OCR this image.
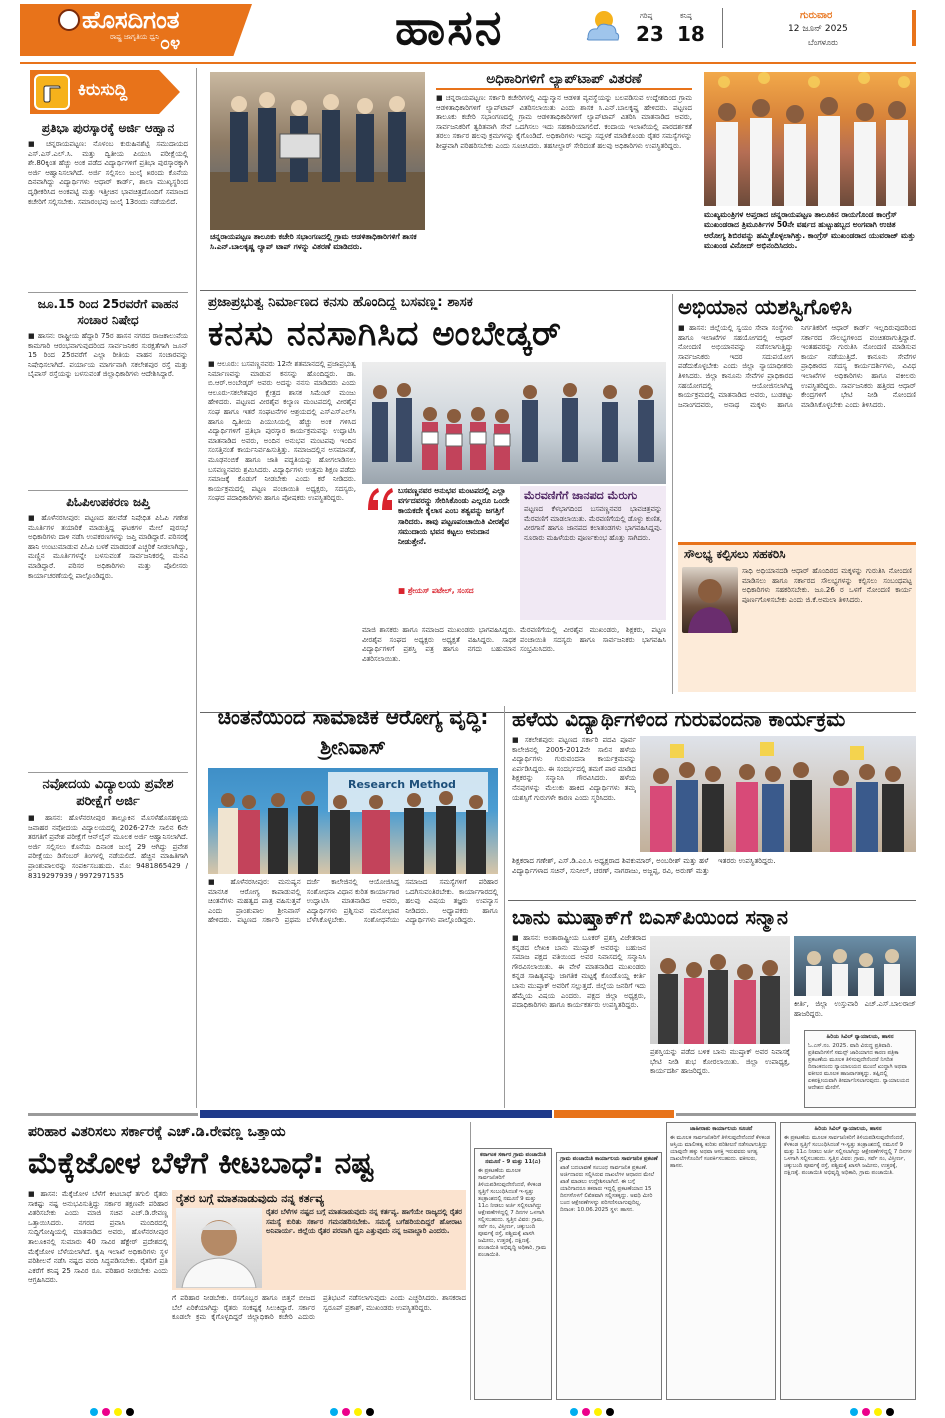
ಹೊಸದಿಗಂತ
ರಾಷ್ಟ್ರ ಜಾಗೃತಿಯ ಧ್ವನಿ ೦೪	ಹಾಸನ	ಗರಿಷ್ಠ
23
ಕನಿಷ್ಠ
18
ಗುರುವಾರ
12 ಜೂನ್ 2025
ಬೆಂಗಳೂರು
ಕಿರುಸುದ್ದಿ
ಪ್ರತಿಭಾ ಪುರಸ್ಕಾರಕ್ಕೆ ಅರ್ಜಿ ಆಹ್ವಾನ
■ ಚನ್ನರಾಯಪಟ್ಟಣ: ನೊಳಂಬ ಕುರುಹಿನಶೆಟ್ಟಿ ಸಮುದಾಯದ ಎಸ್.ಎಸ್.ಎಲ್.ಸಿ. ಮತ್ತು ದ್ವಿತೀಯ ಪಿಯುಸಿ ಪರೀಕ್ಷೆಯಲ್ಲಿ ಶೇ.80ಕ್ಕಿಂತ ಹೆಚ್ಚು ಅಂಕ ಪಡೆದ ವಿದ್ಯಾರ್ಥಿಗಳಿಗೆ ಪ್ರತಿಭಾ ಪುರಸ್ಕಾರಕ್ಕಾಗಿ ಅರ್ಜಿ ಆಹ್ವಾನಿಸಲಾಗಿದೆ. ಅರ್ಜಿ ಸಲ್ಲಿಸಲು ಜುಲೈ ೫ರಂದು ಕೊನೆಯ ದಿನವಾಗಿದ್ದು ವಿದ್ಯಾರ್ಥಿಗಳು ಆಧಾರ್ ಕಾರ್ಡ್, ಶಾಲಾ ಮುಖ್ಯಸ್ಥರಿಂದ ದೃಢೀಕರಿಸಿದ ಅಂಕಪಟ್ಟಿ ಮತ್ತು ಇತ್ತೀಚಿನ ಭಾವಚಿತ್ರದೊಂದಿಗೆ ಸಮಾಜದ ಕಚೇರಿಗೆ ಸಲ್ಲಿಸಬೇಕು. ಸಮಾರಂಭವು ಜುಲೈ 13ರಂದು ನಡೆಯಲಿದೆ.
ಜೂ.15 ರಿಂದ 25ರವರೆಗೆ ವಾಹನ ಸಂಚಾರ ನಿಷೇಧ
■ ಹಾಸನ: ರಾಷ್ಟ್ರೀಯ ಹೆದ್ದಾರಿ 75ರ ಹಾಸನ ನಗರದ ರಾಜಕಾಲುವೆಯ ಕಾಮಗಾರಿ ಆರಂಭವಾಗುವುದರಿಂದ ಸಾರ್ವಜನಿಕರ ಸುರಕ್ಷತೆಗಾಗಿ ಜೂನ್ 15 ರಿಂದ 25ರವರೆಗೆ ಎಲ್ಲಾ ರೀತಿಯ ವಾಹನ ಸಂಚಾರವನ್ನು ನಿಷೇಧಿಸಲಾಗಿದೆ. ಪರ್ಯಾಯ ಮಾರ್ಗವಾಗಿ ಸಕಲೇಶಪುರ ರಸ್ತೆ ಮತ್ತು ಬೈಪಾಸ್ ರಸ್ತೆಯನ್ನು ಬಳಸುವಂತೆ ಜಿಲ್ಲಾಧಿಕಾರಿಗಳು ಆದೇಶಿಸಿದ್ದಾರೆ.
ಪಿಓಪಿಉಪಕರಣ ಜಪ್ತಿ
■ ಹೊಳೆನರಸೀಪುರ: ಪಟ್ಟಣದ ಹಲವೆಡೆ ನಿಷೇಧಿತ ಪಿಓಪಿ ಗಣೇಶ ಮೂರ್ತಿಗಳ ತಯಾರಿಕೆ ಮಾಡುತ್ತಿದ್ದ ಘಟಕಗಳ ಮೇಲೆ ಪುರಸಭೆ ಅಧಿಕಾರಿಗಳು ದಾಳಿ ನಡೆಸಿ ಉಪಕರಣಗಳನ್ನು ಜಪ್ತಿ ಮಾಡಿದ್ದಾರೆ. ಪರಿಸರಕ್ಕೆ ಹಾನಿ ಉಂಟುಮಾಡುವ ಪಿಓಪಿ ಬಳಕೆ ಮಾಡದಂತೆ ಎಚ್ಚರಿಕೆ ನೀಡಲಾಗಿದ್ದು, ಮಣ್ಣಿನ ಮೂರ್ತಿಗಳನ್ನೇ ಬಳಸುವಂತೆ ಸಾರ್ವಜನಿಕರಲ್ಲಿ ಮನವಿ ಮಾಡಿದ್ದಾರೆ. ಪರಿಸರ ಅಧಿಕಾರಿಗಳು ಮತ್ತು ಪೊಲೀಸರು ಕಾರ್ಯಾಚರಣೆಯಲ್ಲಿ ಪಾಲ್ಗೊಂಡಿದ್ದರು.
ನವೋದಯ ವಿದ್ಯಾಲಯ ಪ್ರವೇಶ ಪರೀಕ್ಷೆಗೆ ಅರ್ಜಿ
■ ಹಾಸನ: ಹೊಳೆನರಸೀಪುರ ತಾಲ್ಲೂಕಿನ ಮೊಸಳೆಹೊಸಹಳ್ಳಿಯ ಜವಾಹರ ನವೋದಯ ವಿದ್ಯಾಲಯದಲ್ಲಿ 2026-27ನೇ ಸಾಲಿನ 6ನೇ ತರಗತಿಗೆ ಪ್ರವೇಶ ಪರೀಕ್ಷೆಗೆ ಆನ್‌ಲೈನ್ ಮೂಲಕ ಅರ್ಜಿ ಆಹ್ವಾನಿಸಲಾಗಿದೆ. ಅರ್ಜಿ ಸಲ್ಲಿಸಲು ಕೊನೆಯ ದಿನಾಂಕ ಜುಲೈ 29 ಆಗಿದ್ದು ಪ್ರವೇಶ ಪರೀಕ್ಷೆಯು ಡಿಸೆಂಬರ್ ತಿಂಗಳಲ್ಲಿ ನಡೆಯಲಿದೆ. ಹೆಚ್ಚಿನ ಮಾಹಿತಿಗಾಗಿ ಪ್ರಾಂಶುಪಾಲರನ್ನು ಸಂಪರ್ಕಿಸಬಹುದು. ಮೊ: 9481865429 / 8319297939 / 9972971535
ಚನ್ನರಾಯಪಟ್ಟಣ ತಾಲೂಕು ಕಚೇರಿ ಸಭಾಂಗಣದಲ್ಲಿ ಗ್ರಾಮ ಆಡಳಿತಾಧಿಕಾರಿಗಳಿಗೆ ಶಾಸಕ ಸಿ.ಎನ್.ಬಾಲಕೃಷ್ಣ ಲ್ಯಾಪ್ ಟಾಪ್ ಗಳನ್ನು ವಿತರಣೆ ಮಾಡಿದರು.
ಅಧಿಕಾರಿಗಳಿಗೆ ಲ್ಯಾಪ್‌ಟಾಪ್ ವಿತರಣೆ
■ ಚನ್ನರಾಯಪಟ್ಟಣ: ಸರ್ಕಾರಿ ಕಚೇರಿಗಳಲ್ಲಿ ವಿದ್ಯುನ್ಮಾನ ಆಡಳಿತ ವ್ಯವಸ್ಥೆಯನ್ನು ಬಲಪಡಿಸುವ ಉದ್ದೇಶದಿಂದ ಗ್ರಾಮ ಆಡಳಿತಾಧಿಕಾರಿಗಳಿಗೆ ಲ್ಯಾಪ್‌ಟಾಪ್ ವಿತರಿಸಲಾಯಿತು ಎಂದು ಶಾಸಕ ಸಿ.ಎನ್.ಬಾಲಕೃಷ್ಣ ಹೇಳಿದರು. ಪಟ್ಟಣದ ತಾಲೂಕು ಕಚೇರಿ ಸಭಾಂಗಣದಲ್ಲಿ ಗ್ರಾಮ ಆಡಳಿತಾಧಿಕಾರಿಗಳಿಗೆ ಲ್ಯಾಪ್‌ಟಾಪ್ ವಿತರಿಸಿ ಮಾತನಾಡಿದ ಅವರು, ಸಾರ್ವಜನಿಕರಿಗೆ ತ್ವರಿತವಾಗಿ ಸೇವೆ ಒದಗಿಸಲು ಇದು ಸಹಕಾರಿಯಾಗಲಿದೆ. ಕಂದಾಯ ಇಲಾಖೆಯಲ್ಲಿ ಪಾರದರ್ಶಕತೆ ತರಲು ಸರ್ಕಾರ ಹಲವು ಕ್ರಮಗಳನ್ನು ಕೈಗೊಂಡಿದೆ. ಅಧಿಕಾರಿಗಳು ಇದನ್ನು ಸದ್ಬಳಕೆ ಮಾಡಿಕೊಂಡು ರೈತರ ಸಮಸ್ಯೆಗಳನ್ನು ಶೀಘ್ರವಾಗಿ ಪರಿಹರಿಸಬೇಕು ಎಂದು ಸೂಚಿಸಿದರು. ತಹಸೀಲ್ದಾರ್ ಸೇರಿದಂತೆ ಹಲವು ಅಧಿಕಾರಿಗಳು ಉಪಸ್ಥಿತರಿದ್ದರು.
ಮುಖ್ಯಮಂತ್ರಿಗಳ ಅಪ್ತರಾದ ಚನ್ನರಾಯಪಟ್ಟಣ ತಾಲೂಕಿನ ರಾಯಗೊಂಡ ಕಾಂಗ್ರೆಸ್ ಮುಖಂಡರಾದ ತ್ರಿಮೂರ್ತಿಗಳ 50ನೇ ವರ್ಷದ ಹುಟ್ಟುಹಬ್ಬದ ಅಂಗವಾಗಿ ಉಚಿತ ಆರೋಗ್ಯ ಶಿಬಿರವನ್ನು ಹಮ್ಮಿಕೊಳ್ಳಲಾಗಿತ್ತು. ಕಾಂಗ್ರೆಸ್ ಮುಖಂಡರಾದ ಯುವರಾಜ್ ಮತ್ತು ಮುಖಂಡ ವಿನೋದ್ ಅಭಿನಂದಿಸಿದರು.
ಪ್ರಜಾಪ್ರಭುತ್ವ ನಿರ್ಮಾಣದ ಕನಸು ಹೊಂದಿದ್ದ ಬಸವಣ್ಣ: ಶಾಸಕ
ಕನಸು ನನಸಾಗಿಸಿದ ಅಂಬೇಡ್ಕರ್
■ ಆಲೂರು: ಬಸವಣ್ಣನವರು 12ನೇ ಶತಮಾನದಲ್ಲಿ ಪ್ರಜಾಪ್ರಭುತ್ವ ನಿರ್ಮಾಣವನ್ನು ಮಾಡುವ ಕನಸನ್ನು ಹೊಂದಿದ್ದರು. ಡಾ. ಬಿ.ಆರ್.ಅಂಬೇಡ್ಕರ್ ಅವರು ಅದನ್ನು ನನಸು ಮಾಡಿದರು ಎಂದು ಆಲೂರು-ಸಕಲೇಶಪುರ ಕ್ಷೇತ್ರದ ಶಾಸಕ ಸಿಮೆಂಟ್ ಮಂಜು ಹೇಳಿದರು. ಪಟ್ಟಣದ ವೀರಶೈವ ಕಲ್ಯಾಣ ಮಂಟಪದಲ್ಲಿ ವೀರಶೈವ ಸಂಘ ಹಾಗೂ ಇತರೆ ಸಂಘಟನೆಗಳ ಆಶ್ರಯದಲ್ಲಿ ಎಸ್‌ಎಸ್‌ಎಲ್‌ಸಿ ಹಾಗೂ ದ್ವಿತೀಯ ಪಿಯುಸಿಯಲ್ಲಿ ಹೆಚ್ಚು ಅಂಕ ಗಳಿಸಿದ ವಿದ್ಯಾರ್ಥಿಗಳಿಗೆ ಪ್ರತಿಭಾ ಪುರಸ್ಕಾರ ಕಾರ್ಯಕ್ರಮವನ್ನು ಉದ್ಘಾಟಿಸಿ ಮಾತನಾಡಿದ ಅವರು, ಅಂದಿನ ಅನುಭವ ಮಂಟಪವು ಇಂದಿನ ಸಂಸತ್ತಿನಂತೆ ಕಾರ್ಯನಿರ್ವಹಿಸುತ್ತಿತ್ತು. ಸಮಾಜದಲ್ಲಿನ ಅಸಮಾನತೆ, ಮೂಢನಂಬಿಕೆ ಹಾಗೂ ಜಾತಿ ಪದ್ಧತಿಯನ್ನು ಹೋಗಲಾಡಿಸಲು ಬಸವಣ್ಣನವರು ಶ್ರಮಿಸಿದರು. ವಿದ್ಯಾರ್ಥಿಗಳು ಉತ್ತಮ ಶಿಕ್ಷಣ ಪಡೆದು ಸಮಾಜಕ್ಕೆ ಕೊಡುಗೆ ನೀಡಬೇಕು ಎಂದು ಕರೆ ನೀಡಿದರು. ಕಾರ್ಯಕ್ರಮದಲ್ಲಿ ಪಟ್ಟಣ ಪಂಚಾಯಿತಿ ಅಧ್ಯಕ್ಷರು, ಸದಸ್ಯರು, ಸಂಘದ ಪದಾಧಿಕಾರಿಗಳು ಹಾಗೂ ಪೋಷಕರು ಉಪಸ್ಥಿತರಿದ್ದರು.
ಬಸವಣ್ಣನವರ ಅನುಭವ ಮಂಟಪದಲ್ಲಿ ಎಲ್ಲಾ ವರ್ಗದವರನ್ನು ಸೇರಿಸಿಕೊಂಡು ಎಲ್ಲರೂ ಒಂದೇ ಕಾಯಕದೇ ಕೈಲಾಸ ಎಂಬ ತತ್ವವನ್ನು ಜಗತ್ತಿಗೆ ಸಾರಿದರು. ತಾವು ಪಟ್ಟಣಪಂಚಾಯಿತಿ ವೀರಶೈವ ಸಮುದಾಯ ಭವನ ಕಟ್ಟಲು ಅನುದಾನ ನೀಡುತ್ತೇನೆ.
■ ಶ್ರೇಯಸ್ ಪಟೇಲ್, ಸಂಸದ
ಮೆರವಣಿಗೆಗೆ ಜಾನಪದ ಮೆರುಗು
ಪಟ್ಟಣದ ಕೆಳಭಾಗದಿಂದ ಬಸವಣ್ಣನವರ ಭಾವಚಿತ್ರವನ್ನು ಮೆರವಣಿಗೆ ಮಾಡಲಾಯಿತು. ಮೆರವಣಿಗೆಯಲ್ಲಿ ಡೊಳ್ಳು ಕುಣಿತ, ವೀರಗಾಸೆ ಹಾಗೂ ಜಾನಪದ ಕಲಾತಂಡಗಳು ಭಾಗವಹಿಸಿದ್ದವು. ನೂರಾರು ಮಹಿಳೆಯರು ಪೂರ್ಣಕುಂಭ ಹೊತ್ತು ಸಾಗಿದರು.
ಮಾಜಿ ಶಾಸಕರು ಹಾಗೂ ಸಮಾಜದ ಮುಖಂಡರು ಭಾಗವಹಿಸಿದ್ದರು. ವೀರಶೈವ ಸಂಘದ ಅಧ್ಯಕ್ಷರು ಅಧ್ಯಕ್ಷತೆ ವಹಿಸಿದ್ದರು. ಸಾಧಕ ವಿದ್ಯಾರ್ಥಿಗಳಿಗೆ ಪ್ರಶಸ್ತಿ ಪತ್ರ ಹಾಗೂ ನಗದು ಬಹುಮಾನ ವಿತರಿಸಲಾಯಿತು.
ಮೆರವಣಿಗೆಯಲ್ಲಿ ವೀರಶೈವ ಮುಖಂಡರು, ಶಿಕ್ಷಕರು, ಪಟ್ಟಣ ಪಂಚಾಯಿತಿ ಸದಸ್ಯರು ಹಾಗೂ ಸಾರ್ವಜನಿಕರು ಭಾಗವಹಿಸಿ ಸಂಭ್ರಮಿಸಿದರು.
ಅಭಿಯಾನ ಯಶಸ್ವಿಗೊಳಿಸಿ
■ ಹಾಸನ: ಜಿಲ್ಲೆಯಲ್ಲಿ ಸ್ವಯಂ ಸೇವಾ ಸಂಸ್ಥೆಗಳು ಹಾಗೂ ಇಲಾಖೆಗಳ ಸಹಯೋಗದಲ್ಲಿ ಆಧಾರ್ ನೋಂದಣಿ ಅಭಿಯಾನವನ್ನು ನಡೆಸಲಾಗುತ್ತಿದ್ದು ಸಾರ್ವಜನಿಕರು ಇದರ ಸದುಪಯೋಗ ಪಡೆದುಕೊಳ್ಳಬೇಕು ಎಂದು ಜಿಲ್ಲಾ ನ್ಯಾಯಾಧೀಶರು ತಿಳಿಸಿದರು. ಜಿಲ್ಲಾ ಕಾನೂನು ಸೇವೆಗಳ ಪ್ರಾಧಿಕಾರದ ಸಹಯೋಗದಲ್ಲಿ ಆಯೋಜಿಸಲಾಗಿದ್ದ ಕಾರ್ಯಕ್ರಮದಲ್ಲಿ ಮಾತನಾಡಿದ ಅವರು, ಬುಡಕಟ್ಟು ಜನಾಂಗದವರು, ಅನಾಥ ಮಕ್ಕಳು ಹಾಗೂ ನಿರ್ಗತಿಕರಿಗೆ ಆಧಾರ್ ಕಾರ್ಡ್ ಇಲ್ಲದಿರುವುದರಿಂದ ಸರ್ಕಾರದ ಸೌಲಭ್ಯಗಳಿಂದ ವಂಚಿತರಾಗುತ್ತಿದ್ದಾರೆ. ಇಂತಹವರನ್ನು ಗುರುತಿಸಿ ನೋಂದಣಿ ಮಾಡಿಸುವ ಕಾರ್ಯ ನಡೆಯುತ್ತಿದೆ. ಕಾನೂನು ಸೇವೆಗಳ ಪ್ರಾಧಿಕಾರದ ಸದಸ್ಯ ಕಾರ್ಯದರ್ಶಿಗಳು, ವಿವಿಧ ಇಲಾಖೆಗಳ ಅಧಿಕಾರಿಗಳು ಹಾಗೂ ವಕೀಲರು ಉಪಸ್ಥಿತರಿದ್ದರು. ಸಾರ್ವಜನಿಕರು ಹತ್ತಿರದ ಆಧಾರ್ ಕೇಂದ್ರಗಳಿಗೆ ಭೇಟಿ ನೀಡಿ ನೋಂದಣಿ ಮಾಡಿಸಿಕೊಳ್ಳಬೇಕು ಎಂದು ತಿಳಿಸಿದರು.
ಸೌಲಭ್ಯ ಕಲ್ಪಿಸಲು ಸಹಕರಿಸಿ
ಸಾಧಿ ಅಧಿಯಾನದಡಿ ಆಧಾರ್ ಹೊಂದಿರದ ಮಕ್ಕಳನ್ನು ಗುರುತಿಸಿ ನೋಂದಣಿ ಮಾಡಿಸಲು ಹಾಗೂ ಸರ್ಕಾರದ ಸೌಲಭ್ಯಗಳನ್ನು ಕಲ್ಪಿಸಲು ಸಂಬಂಧಪಟ್ಟ ಅಧಿಕಾರಿಗಳು ಸಹಕರಿಸಬೇಕು. ಜೂ.26 ರ ಒಳಗೆ ನೋಂದಣಿ ಕಾರ್ಯ ಪೂರ್ಣಗೊಳಿಸಬೇಕು ಎಂದು ಜಿ.ಕೆ.ಅಮಲಾ ತಿಳಿಸಿದರು.
ಚಿಂತನೆಯಿಂದ ಸಾಮಾಜಿಕ ಆರೋಗ್ಯ ವೃದ್ಧಿ: ಶ್ರೀನಿವಾಸ್
Research Method
■ ಹೊಳೆನರಸೀಪುರ: ಮನುಷ್ಯನ ಮಾನಸಿಕ ಆರೋಗ್ಯ ಕಾಪಾಡುವಲ್ಲಿ ಚಿಂತನೆಗಳು ಮಹತ್ವದ ಪಾತ್ರ ವಹಿಸುತ್ತವೆ ಎಂದು ಪ್ರಾಂಶುಪಾಲ ಶ್ರೀನಿವಾಸ್ ಹೇಳಿದರು. ಪಟ್ಟಣದ ಸರ್ಕಾರಿ ಪ್ರಥಮ ದರ್ಜೆ ಕಾಲೇಜಿನಲ್ಲಿ ಆಯೋಜಿಸಿದ್ದ ಸಂಶೋಧನಾ ವಿಧಾನ ಕುರಿತ ಕಾರ್ಯಾಗಾರ ಉದ್ಘಾಟಿಸಿ ಮಾತನಾಡಿದ ಅವರು, ವಿದ್ಯಾರ್ಥಿಗಳು ಪ್ರಶ್ನಿಸುವ ಮನೋಭಾವ ಬೆಳೆಸಿಕೊಳ್ಳಬೇಕು. ಸಂಶೋಧನೆಯು ಸಮಾಜದ ಸಮಸ್ಯೆಗಳಿಗೆ ಪರಿಹಾರ ಒದಗಿಸುವಂತಿರಬೇಕು. ಕಾರ್ಯಾಗಾರದಲ್ಲಿ ಹಲವು ವಿಷಯ ತಜ್ಞರು ಉಪನ್ಯಾಸ ನೀಡಿದರು. ಅಧ್ಯಾಪಕರು ಹಾಗೂ ವಿದ್ಯಾರ್ಥಿಗಳು ಪಾಲ್ಗೊಂಡಿದ್ದರು.
ಹಳೆಯ ವಿದ್ಯಾರ್ಥಿಗಳಿಂದ ಗುರುವಂದನಾ ಕಾರ್ಯಕ್ರಮ
■ ಸಕಲೇಶಪುರ: ಪಟ್ಟಣದ ಸರ್ಕಾರಿ ಪದವಿ ಪೂರ್ವ ಕಾಲೇಜಿನಲ್ಲಿ 2005-2012ನೇ ಸಾಲಿನ ಹಳೆಯ ವಿದ್ಯಾರ್ಥಿಗಳು ಗುರುವಂದನಾ ಕಾರ್ಯಕ್ರಮವನ್ನು ಏರ್ಪಡಿಸಿದ್ದರು. ಈ ಸಂದರ್ಭದಲ್ಲಿ ತಮಗೆ ಪಾಠ ಮಾಡಿದ ಶಿಕ್ಷಕರನ್ನು ಸನ್ಮಾನಿಸಿ ಗೌರವಿಸಿದರು. ಹಳೆಯ ನೆನಪುಗಳನ್ನು ಮೆಲುಕು ಹಾಕಿದ ವಿದ್ಯಾರ್ಥಿಗಳು ತಮ್ಮ ಯಶಸ್ಸಿಗೆ ಗುರುಗಳೇ ಕಾರಣ ಎಂದು ಸ್ಮರಿಸಿದರು.
ಶಿಕ್ಷಕರಾದ ಗಣೇಶ್, ಎಸ್.ಡಿ.ಎಂ.ಸಿ ಅಧ್ಯಕ್ಷರಾದ ಶಿವಕುಮಾರ್, ಅಂಬರೀಶ್ ಮತ್ತು ಹಳೆ ವಿದ್ಯಾರ್ಥಿಗಳಾದ ಸಚಿನ್, ಸುನೀಲ್, ಚರಣ್, ನಾಗರಾಜು, ಅಜ್ಜಪ್ಪ, ರವಿ, ಅರುಣ್ ಮತ್ತು ಇತರರು ಉಪಸ್ಥಿತರಿದ್ದರು.
ಬಾನು ಮುಷ್ತಾಕ್‌ಗೆ ಬಿಎಸ್‌ಪಿಯಿಂದ ಸನ್ಮಾನ
■ ಹಾಸನ: ಅಂತಾರಾಷ್ಟ್ರೀಯ ಬೂಕರ್ ಪ್ರಶಸ್ತಿ ವಿಜೇತರಾದ ಕನ್ನಡದ ಲೇಖಕಿ ಬಾನು ಮುಷ್ತಾಕ್ ಅವರನ್ನು ಬಹುಜನ ಸಮಾಜ ಪಕ್ಷದ ವತಿಯಿಂದ ಅವರ ನಿವಾಸದಲ್ಲಿ ಸನ್ಮಾನಿಸಿ ಗೌರವಿಸಲಾಯಿತು. ಈ ವೇಳೆ ಮಾತನಾಡಿದ ಮುಖಂಡರು ಕನ್ನಡ ಸಾಹಿತ್ಯವನ್ನು ಜಾಗತಿಕ ಮಟ್ಟಕ್ಕೆ ಕೊಂಡೊಯ್ದ ಕೀರ್ತಿ ಬಾನು ಮುಷ್ತಾಕ್ ಅವರಿಗೆ ಸಲ್ಲುತ್ತದೆ. ಜಿಲ್ಲೆಯ ಜನರಿಗೆ ಇದು ಹೆಮ್ಮೆಯ ವಿಷಯ ಎಂದರು. ಪಕ್ಷದ ಜಿಲ್ಲಾ ಅಧ್ಯಕ್ಷರು, ಪದಾಧಿಕಾರಿಗಳು ಹಾಗೂ ಕಾರ್ಯಕರ್ತರು ಉಪಸ್ಥಿತರಿದ್ದರು.
ಪ್ರಶಸ್ತಿಯನ್ನು ಪಡೆದ ಬಳಿಕ ಬಾನು ಮುಷ್ತಾಕ್ ಅವರ ನಿವಾಸಕ್ಕೆ ಭೇಟಿ ನೀಡಿ ಶುಭ ಕೋರಲಾಯಿತು. ಜಿಲ್ಲಾ ಉಪಾಧ್ಯಕ್ಷ, ಕಾರ್ಯದರ್ಶಿ ಹಾಜರಿದ್ದರು.
ಕೀರ್ತಿ, ಜಿಲ್ಲಾ ಉಸ್ತುವಾರಿ ಎಚ್.ಎಸ್.ಬಾಲರಾಜ್ ಹಾಜರಿದ್ದರು.
ಹಿರಿಯ ಸಿವಿಲ್ ನ್ಯಾಯಾಲಯ, ಹಾಸನ
ಓ.ಎಸ್.ನಂ. 2025. ವಾದಿ ವಿರುದ್ಧ ಪ್ರತಿವಾದಿ. ಪ್ರತಿವಾದಿಗಳಿಗೆ ಸಮನ್ಸ್ ಜಾರಿಯಾಗದ ಕಾರಣ ಪತ್ರಿಕಾ ಪ್ರಕಟಣೆಯ ಮೂಲಕ ತಿಳಿಸುವುದೇನೆಂದರೆ ನಿಗದಿತ ದಿನಾಂಕದಂದು ನ್ಯಾಯಾಲಯದ ಮುಂದೆ ಖುದ್ದಾಗಿ ಅಥವಾ ವಕೀಲರ ಮೂಲಕ ಹಾಜರಾಗತಕ್ಕದ್ದು. ತಪ್ಪಿದಲ್ಲಿ ಏಕಪಕ್ಷೀಯವಾಗಿ ತೀರ್ಮಾನಿಸಲಾಗುವುದು. ನ್ಯಾಯಾಲಯದ ಆದೇಶದ ಮೇರೆಗೆ.
ಪರಿಹಾರ ವಿತರಿಸಲು ಸರ್ಕಾರಕ್ಕೆ ಎಚ್.ಡಿ.ರೇವಣ್ಣ ಒತ್ತಾಯ
ಮೆಕ್ಕೆಜೋಳ ಬೆಳೆಗೆ ಕೀಟಬಾಧೆ: ನಷ್ಟ
■ ಹಾಸನ: ಮೆಕ್ಕೆಜೋಳ ಬೆಳೆಗೆ ಕೀಟಬಾಧೆ ತಗುಲಿ ರೈತರು ಸಾಕಷ್ಟು ನಷ್ಟ ಅನುಭವಿಸುತ್ತಿದ್ದು ಸರ್ಕಾರ ತಕ್ಷಣವೇ ಪರಿಹಾರ ವಿತರಿಸಬೇಕು ಎಂದು ಮಾಜಿ ಸಚಿವ ಎಚ್.ಡಿ.ರೇವಣ್ಣ ಒತ್ತಾಯಿಸಿದರು. ನಗರದ ಪ್ರವಾಸಿ ಮಂದಿರದಲ್ಲಿ ಸುದ್ದಿಗೋಷ್ಠಿಯಲ್ಲಿ ಮಾತನಾಡಿದ ಅವರು, ಹೊಳೆನರಸೀಪುರ ತಾಲೂಕಿನಲ್ಲಿ ಸುಮಾರು 40 ಸಾವಿರ ಹೆಕ್ಟೇರ್ ಪ್ರದೇಶದಲ್ಲಿ ಮೆಕ್ಕೆಜೋಳ ಬೆಳೆಯಲಾಗಿದೆ. ಕೃಷಿ ಇಲಾಖೆ ಅಧಿಕಾರಿಗಳು ಸ್ಥಳ ಪರಿಶೀಲನೆ ನಡೆಸಿ ನಷ್ಟದ ವರದಿ ಸಿದ್ಧಪಡಿಸಬೇಕು. ರೈತರಿಗೆ ಪ್ರತಿ ಎಕರೆಗೆ ಕನಿಷ್ಠ 25 ಸಾವಿರ ರೂ. ಪರಿಹಾರ ನೀಡಬೇಕು ಎಂದು ಆಗ್ರಹಿಸಿದರು.
ರೈತರ ಬಗ್ಗೆ ಮಾತನಾಡುವುದು ನನ್ನ ಕರ್ತವ್ಯ
ರೈತರ ಬೆಳೆಗಳ ನಷ್ಟದ ಬಗ್ಗೆ ಮಾತನಾಡುವುದು ನನ್ನ ಕರ್ತವ್ಯ. ಹಾಗೆಯೇ ರಾಜ್ಯದಲ್ಲಿ ರೈತರ ಸಮಸ್ಯೆ ಕುರಿತು ಸರ್ಕಾರ ಗಮನಹರಿಸಬೇಕು. ಸಮಸ್ಯೆ ಬಗೆಹರಿಯದಿದ್ದರೆ ಹೋರಾಟ ಅನಿವಾರ್ಯ. ಜಿಲ್ಲೆಯ ರೈತರ ಪರವಾಗಿ ಧ್ವನಿ ಎತ್ತುವುದು ನನ್ನ ಜವಾಬ್ದಾರಿ ಎಂದರು.
ಗೆ ಪರಿಹಾರ ನೀಡಬೇಕು. ರಸಗೊಬ್ಬರ ಹಾಗೂ ಬಿತ್ತನೆ ಬೀಜದ ಬೆಲೆ ಏರಿಕೆಯಾಗಿದ್ದು ರೈತರು ಸಂಕಷ್ಟಕ್ಕೆ ಸಿಲುಕಿದ್ದಾರೆ. ಸರ್ಕಾರ ಕೂಡಲೇ ಕ್ರಮ ಕೈಗೊಳ್ಳದಿದ್ದರೆ ಜಿಲ್ಲಾಧಿಕಾರಿ ಕಚೇರಿ ಎದುರು ಪ್ರತಿಭಟನೆ ನಡೆಸಲಾಗುವುದು ಎಂದು ಎಚ್ಚರಿಸಿದರು. ಶಾಸಕರಾದ ಸ್ವರೂಪ್ ಪ್ರಕಾಶ್, ಮುಖಂಡರು ಉಪಸ್ಥಿತರಿದ್ದರು.
ಕರ್ನಾಟಕ ಸರ್ಕಾರ ಗ್ರಾಮ ಪಂಚಾಯಿತಿ ನಮೂನೆ - 9 ಮತ್ತು 11(ಎ)
ಈ ಪ್ರಕಟಣೆಯ ಮೂಲಕ ಸಾರ್ವಜನಿಕರಿಗೆ ತಿಳಿಯಪಡಿಸುವುದೇನೆಂದರೆ, ಕೆಳಕಂಡ ಸ್ವತ್ತಿಗೆ ಸಂಬಂಧಿಸಿದಂತೆ ಇ-ಸ್ವತ್ತು ತಂತ್ರಾಂಶದಲ್ಲಿ ನಮೂನೆ 9 ಮತ್ತು 11ಎ ನೀಡಲು ಅರ್ಜಿ ಸಲ್ಲಿಸಲಾಗಿದ್ದು ಆಕ್ಷೇಪಣೆಗಳಿದ್ದಲ್ಲಿ 7 ದಿನಗಳ ಒಳಗಾಗಿ ಸಲ್ಲಿಸಬಹುದು. ಸ್ವತ್ತಿನ ವಿವರ: ಗ್ರಾಮ, ಸರ್ವೆ ನಂ, ವಿಸ್ತೀರ್ಣ, ಚಕ್ಕುಬಂದಿ ಪೂರ್ವಕ್ಕೆ ರಸ್ತೆ, ಪಶ್ಚಿಮಕ್ಕೆ ಖಾಸಗಿ ಜಮೀನು, ಉತ್ತರಕ್ಕೆ, ದಕ್ಷಿಣಕ್ಕೆ. ಪಂಚಾಯಿತಿ ಅಭಿವೃದ್ಧಿ ಅಧಿಕಾರಿ, ಗ್ರಾಮ ಪಂಚಾಯಿತಿ.
ಗ್ರಾಮ ಪಂಚಾಯಿತಿ ಕಾರ್ಯಾಲಯ ಸಾರ್ವಜನಿಕ ಪ್ರಕಟಣೆ
ಖಾತೆ ಬದಲಾವಣೆ ಸಂಬಂಧ ಸಾರ್ವಜನಿಕ ಪ್ರಕಟಣೆ. ಅರ್ಜಿದಾರರು ಸಲ್ಲಿಸಿರುವ ದಾಖಲೆಗಳ ಆಧಾರದ ಮೇಲೆ ಖಾತೆ ಮಾಡಲು ಉದ್ದೇಶಿಸಲಾಗಿದೆ. ಈ ಬಗ್ಗೆ ಯಾರಿಗಾದರೂ ತಕರಾರು ಇದ್ದಲ್ಲಿ ಪ್ರಕಟಣೆಯಾದ 15 ದಿನಗಳೊಳಗೆ ಲಿಖಿತವಾಗಿ ಸಲ್ಲಿಸತಕ್ಕದ್ದು. ಅವಧಿ ಮೀರಿ ಬಂದ ಆಕ್ಷೇಪಣೆಗಳನ್ನು ಪರಿಗಣಿಸಲಾಗುವುದಿಲ್ಲ. ದಿನಾಂಕ: 10.06.2025 ಸ್ಥಳ: ಹಾಸನ.
ಜಾಹೀರಾತು ಕಾರ್ಯಾಲಯ ಸೂಚನೆ
ಈ ಮೂಲಕ ಸಾರ್ವಜನಿಕರಿಗೆ ತಿಳಿಸುವುದೇನೆಂದರೆ ಕೆಳಕಂಡ ಆಸ್ತಿಯ ಮಾಲೀಕತ್ವ ಕುರಿತು ಪರಿಶೀಲನೆ ನಡೆಸಲಾಗುತ್ತಿದ್ದು ಯಾವುದೇ ಹಕ್ಕು ಅಥವಾ ಆಸಕ್ತಿ ಇರುವವರು ಅಗತ್ಯ ದಾಖಲೆಗಳೊಂದಿಗೆ ಸಂಪರ್ಕಿಸಬಹುದು. ವಕೀಲರು, ಹಾಸನ.
ಹಿರಿಯ ಸಿವಿಲ್ ನ್ಯಾಯಾಲಯ, ಹಾಸನ
ಈ ಪ್ರಕಟಣೆಯ ಮೂಲಕ ಸಾರ್ವಜನಿಕರಿಗೆ ತಿಳಿಯಪಡಿಸುವುದೇನೆಂದರೆ, ಕೆಳಕಂಡ ಸ್ವತ್ತಿಗೆ ಸಂಬಂಧಿಸಿದಂತೆ ಇ-ಸ್ವತ್ತು ತಂತ್ರಾಂಶದಲ್ಲಿ ನಮೂನೆ 9 ಮತ್ತು 11ಎ ನೀಡಲು ಅರ್ಜಿ ಸಲ್ಲಿಸಲಾಗಿದ್ದು ಆಕ್ಷೇಪಣೆಗಳಿದ್ದಲ್ಲಿ 7 ದಿನಗಳ ಒಳಗಾಗಿ ಸಲ್ಲಿಸಬಹುದು. ಸ್ವತ್ತಿನ ವಿವರ: ಗ್ರಾಮ, ಸರ್ವೆ ನಂ, ವಿಸ್ತೀರ್ಣ, ಚಕ್ಕುಬಂದಿ ಪೂರ್ವಕ್ಕೆ ರಸ್ತೆ, ಪಶ್ಚಿಮಕ್ಕೆ ಖಾಸಗಿ ಜಮೀನು, ಉತ್ತರಕ್ಕೆ, ದಕ್ಷಿಣಕ್ಕೆ. ಪಂಚಾಯಿತಿ ಅಭಿವೃದ್ಧಿ ಅಧಿಕಾರಿ, ಗ್ರಾಮ ಪಂಚಾಯಿತಿ.
